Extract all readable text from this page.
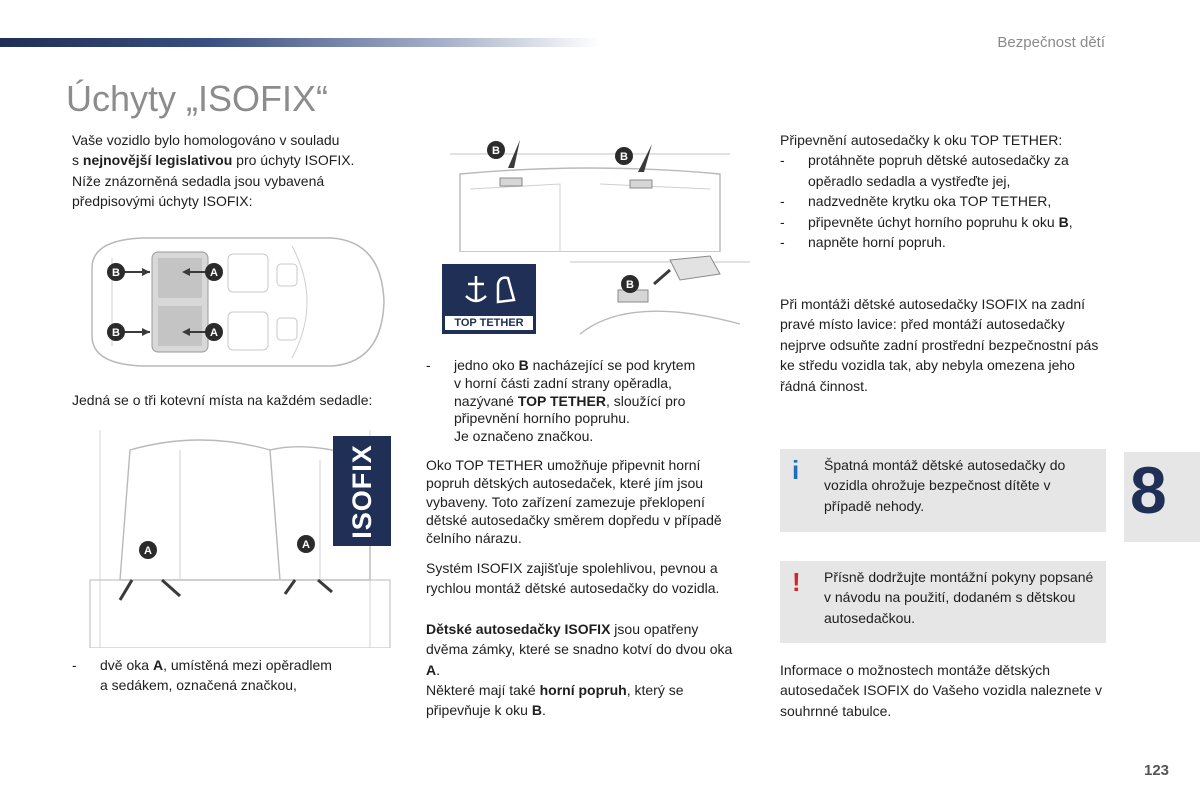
Bezpečnost dětí
Úchyty „ISOFIX“

Vaše vozidlo bylo homologováno v souladu

s nejnovější legislativou pro úchyty ISOFIX.

Níže znázorněná sedadla jsou vybavená

předpisovými úchyty ISOFIX:

B
B
A
A
Jedná se o tři kotevní místa na každém sedadle:
A	A
ISOFIX
-	dvě oka A, umístěná mezi opěradlem
a sedákem, označená značkou,
B	B
TOP TETHER
B
-	jedno oko B nacházející se pod krytem
v horní části zadní strany opěradla,
nazývané TOP TETHER, sloužící pro
připevnění horního popruhu.
Je označeno značkou.
Oko TOP TETHER umožňuje připevnit horní popruh dětských autosedaček, které jím jsou vybaveny. Toto zařízení zamezuje překlopení dětské autosedačky směrem dopředu v případě čelního nárazu.
Systém ISOFIX zajišťuje spolehlivou, pevnou a rychlou montáž dětské autosedačky do vozidla.

Dětské autosedačky ISOFIX jsou opatřeny dvěma zámky, které se snadno kotví do dvou oka A.

Některé mají také horní popruh, který se připevňuje k oku B.

Připevnění autosedačky k oku TOP TETHER:

-	protáhněte popruh dětské autosedačky za opěradlo sedadla a vystřeďte jej,
-	nadzvedněte krytku oka TOP TETHER,
-	připevněte úchyt horního popruhu k oku B,
-	napněte horní popruh.
Při montáži dětské autosedačky ISOFIX na zadní pravé místo lavice: před montáží autosedačky nejprve odsuňte zadní prostřední bezpečnostní pás ke středu vozidla tak, aby nebyla omezena jeho řádná činnost.
i Špatná montáž dětské autosedačky do vozidla ohrožuje bezpečnost dítěte v případě nehody.
! Přísně dodržujte montážní pokyny popsané v návodu na použití, dodaném s dětskou autosedačkou.
Informace o možnostech montáže dětských autosedaček ISOFIX do Vašeho vozidla naleznete v souhrnné tabulce.
8
123
